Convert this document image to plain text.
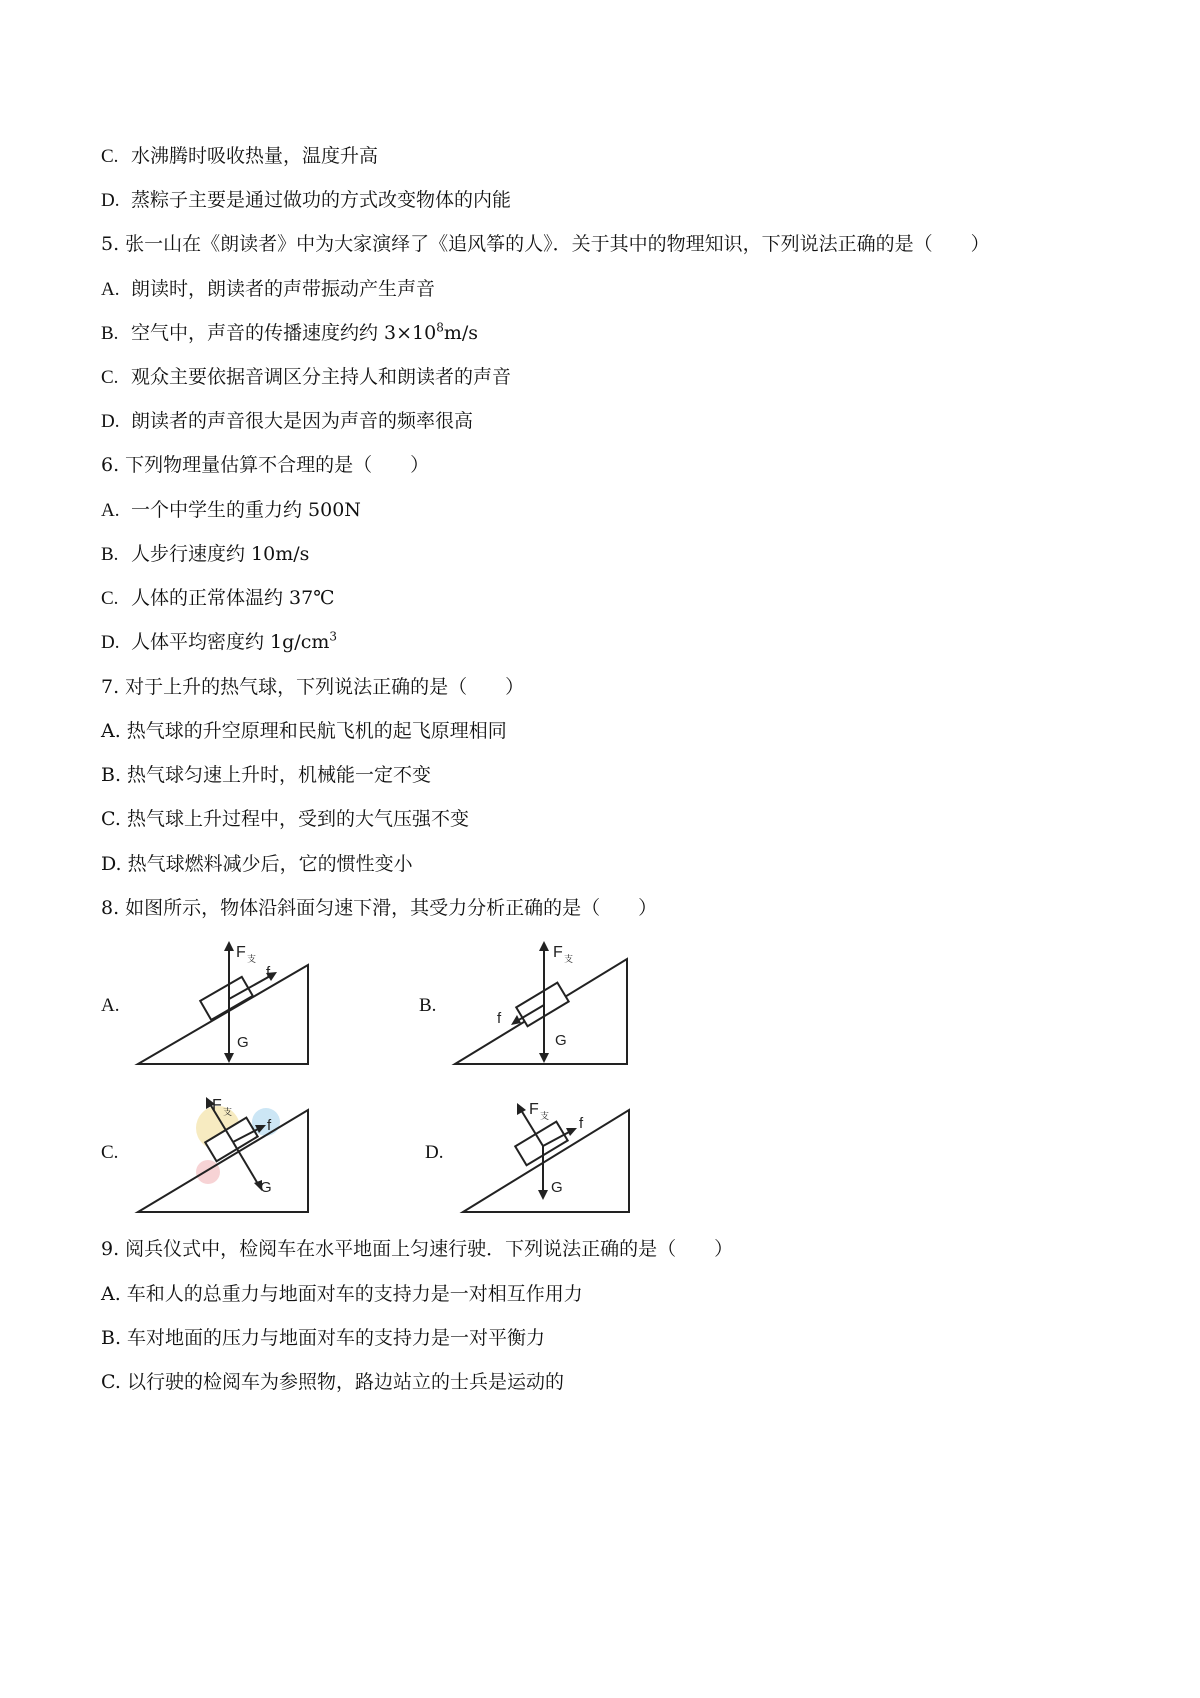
C. 水沸腾时吸收热量，温度升高
D. 蒸粽子主要是通过做功的方式改变物体的内能
5. 张一山在《朗读者》中为大家演绎了《追风筝的人》．关于其中的物理知识，下列说法正确的是（　　）
A. 朗读时，朗读者的声带振动产生声音
B. 空气中，声音的传播速度约约 $3\times 10^8m/s$
C. 观众主要依据音调区分主持人和朗读者的声音
D. 朗读者的声音很大是因为声音的频率很高
6. 下列物理量估算不合理的是（　　）
A. 一个中学生的重力约 500N
B. 人步行速度约 10m/s
C. 人体的正常体温约 37℃
D. 人体平均密度约 $1g/cm^3$
7. 对于上升的热气球，下列说法正确的是（　　）
A. 热气球的升空原理和民航飞机的起飞原理相同
B. 热气球匀速上升时，机械能一定不变
C. 热气球上升过程中，受到的大气压强不变
D. 热气球燃料减少后，它的惯性变小
8. 如图所示，物体沿斜面匀速下滑，其受力分析正确的是（　　）
A.
F 支
f
G
B.
F 支
f
G
C.
F 支
f
G
D.
F 支 f
G
9. 阅兵仪式中，检阅车在水平地面上匀速行驶．下列说法正确的是（　　）
A. 车和人的总重力与地面对车的支持力是一对相互作用力
B. 车对地面的压力与地面对车的支持力是一对平衡力
C. 以行驶的检阅车为参照物，路边站立的士兵是运动的
